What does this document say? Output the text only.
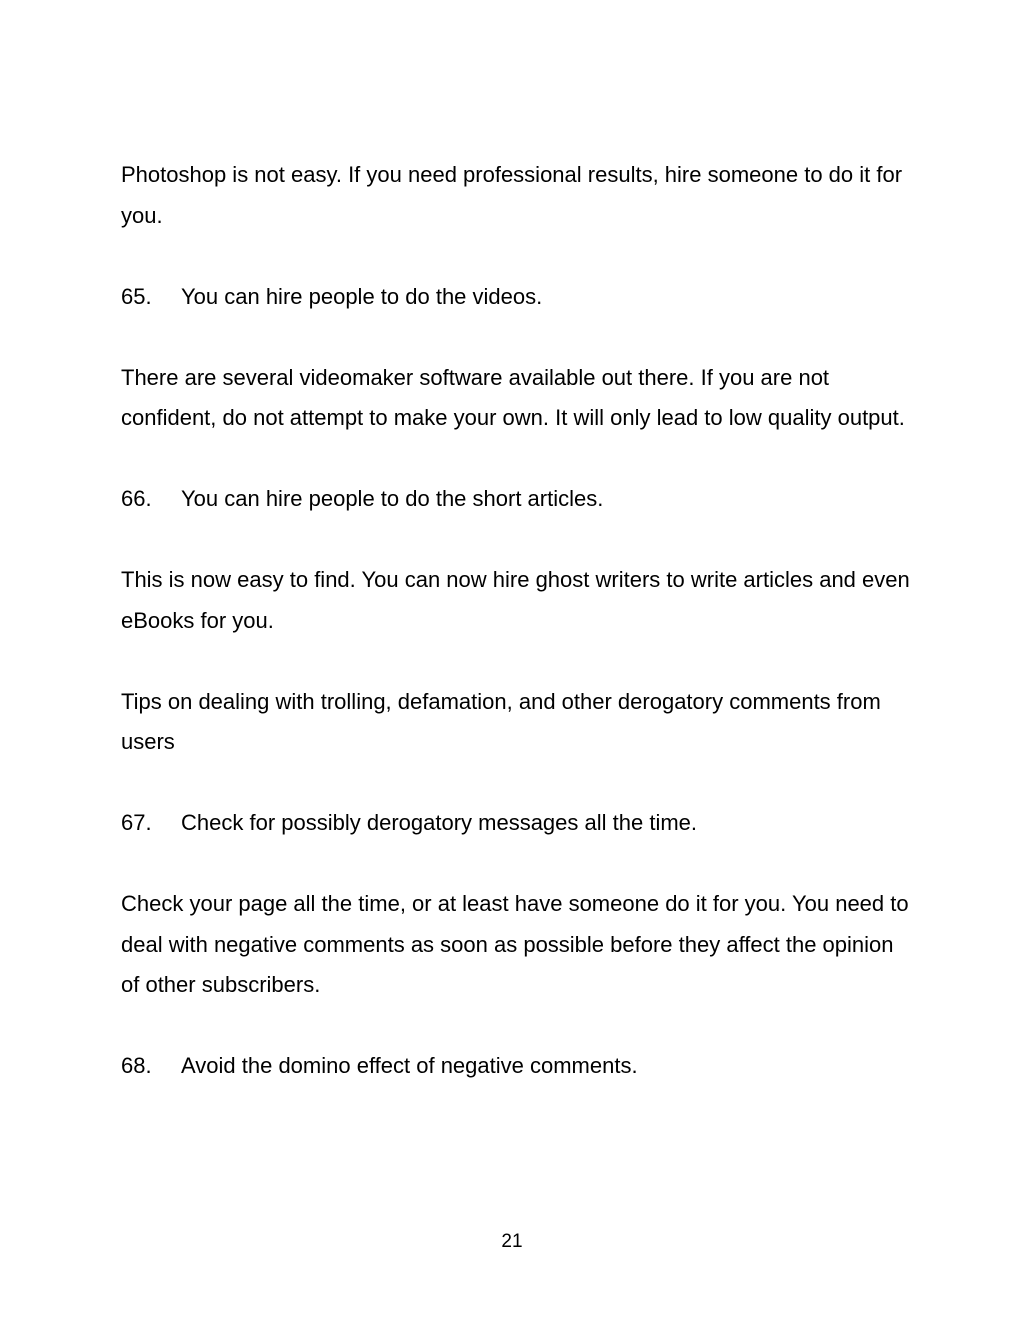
Photoshop is not easy. If you need professional results, hire someone to do it for you.

65.	You can hire people to do the videos.

There are several videomaker software available out there. If you are not confident, do not attempt to make your own. It will only lead to low quality output.

66.	You can hire people to do the short articles.

This is now easy to find. You can now hire ghost writers to write articles and even eBooks for you.

Tips on dealing with trolling, defamation, and other derogatory comments from users

67.	Check for possibly derogatory messages all the time.

Check your page all the time, or at least have someone do it for you. You need to deal with negative comments as soon as possible before they affect the opinion of other subscribers.

68.	Avoid the domino effect of negative comments.
21
